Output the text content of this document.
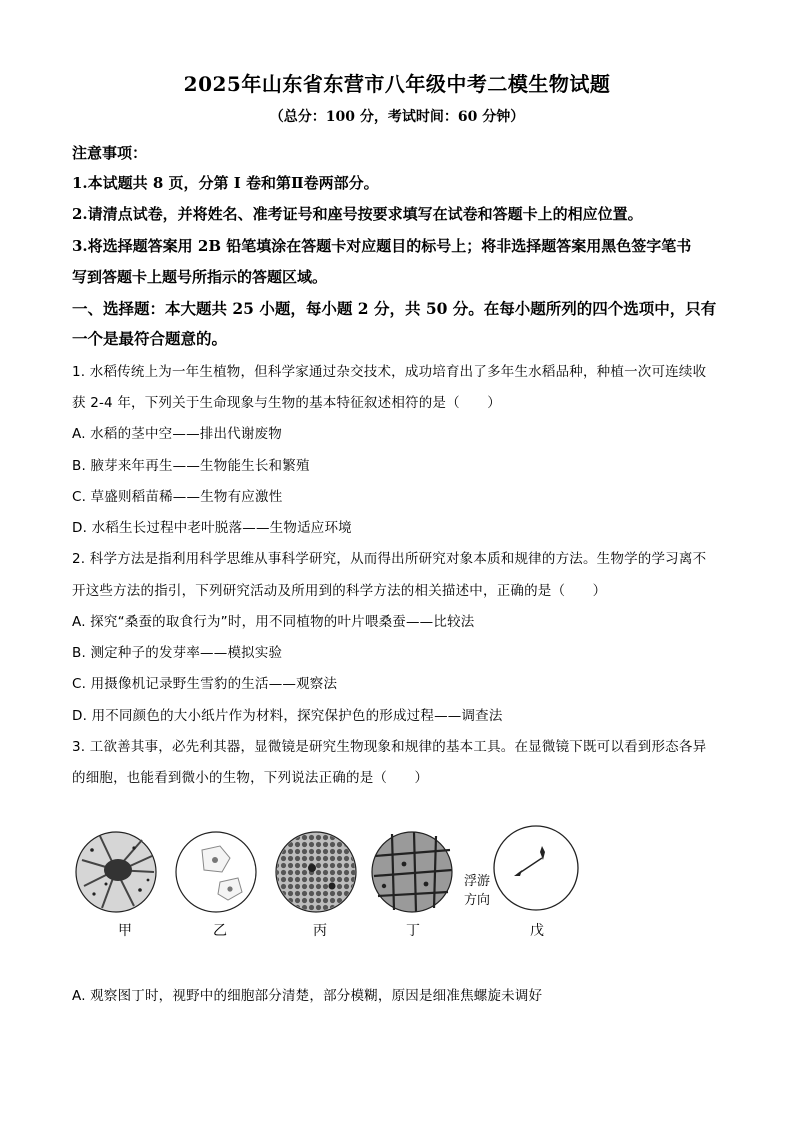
2025年山东省东营市八年级中考二模生物试题
（总分：100 分，考试时间：60 分钟）
注意事项：
1.本试题共 8 页，分第 I 卷和第Ⅱ卷两部分。
2.请清点试卷，并将姓名、准考证号和座号按要求填写在试卷和答题卡上的相应位置。
3.将选择题答案用 2B 铅笔填涂在答题卡对应题目的标号上；将非选择题答案用黑色签字笔书
写到答题卡上题号所指示的答题区域。
一、选择题：本大题共 25 小题，每小题 2 分，共 50 分。在每小题所列的四个选项中，只有
一个是最符合题意的。
1. 水稻传统上为一年生植物，但科学家通过杂交技术，成功培育出了多年生水稻品种，种植一次可连续收
获 2-4 年，下列关于生命现象与生物的基本特征叙述相符的是（　　）
A. 水稻的茎中空——排出代谢废物
B. 腋芽来年再生——生物能生长和繁殖
C. 草盛则稻苗稀——生物有应激性
D. 水稻生长过程中老叶脱落——生物适应环境
2. 科学方法是指利用科学思维从事科学研究，从而得出所研究对象本质和规律的方法。生物学的学习离不
开这些方法的指引，下列研究活动及所用到的科学方法的相关描述中，正确的是（　　）
A. 探究“桑蚕的取食行为”时，用不同植物的叶片喂桑蚕——比较法
B. 测定种子的发芽率——模拟实验
C. 用摄像机记录野生雪豹的生活——观察法
D. 用不同颜色的大小纸片作为材料，探究保护色的形成过程——调查法
3. 工欲善其事，必先利其器，显微镜是研究生物现象和规律的基本工具。在显微镜下既可以看到形态各异
的细胞，也能看到微小的生物，下列说法正确的是（　　）
浮游
方向
甲	乙	丙	丁	戊
A. 观察图丁时，视野中的细胞部分清楚，部分模糊，原因是细准焦螺旋未调好
